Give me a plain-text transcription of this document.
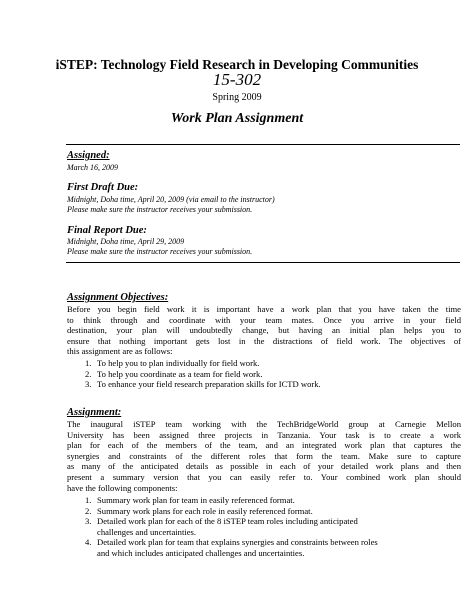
iSTEP: Technology Field Research in Developing Communities
15-302
Spring 2009
Work Plan Assignment
Assigned:
March 16, 2009
First Draft Due:
Midnight, Doha time, April 20, 2009 (via email to the instructor)
Please make sure the instructor receives your submission.
Final Report Due:
Midnight, Doha time, April 29, 2009
Please make sure the instructor receives your submission.
Assignment Objectives:
Before you begin field work it is important have a work plan that you have taken the time
to think through and coordinate with your team mates. Once you arrive in your field
destination, your plan will undoubtedly change, but having an initial plan helps you to
ensure that nothing important gets lost in the distractions of field work. The objectives of
this assignment are as follows:
1. To help you to plan individually for field work.
2. To help you coordinate as a team for field work.
3. To enhance your field research preparation skills for ICTD work.
Assignment:
The inaugural iSTEP team working with the TechBridgeWorld group at Carnegie Mellon
University has been assigned three projects in Tanzania. Your task is to create a work
plan for each of the members of the team, and an integrated work plan that captures the
synergies and constraints of the different roles that form the team. Make sure to capture
as many of the anticipated details as possible in each of your detailed work plans and then
present a summary version that you can easily refer to. Your combined work plan should
have the following components:
1. Summary work plan for team in easily referenced format.
2. Summary work plans for each role in easily referenced format.
3. Detailed work plan for each of the 8 iSTEP team roles including anticipated
challenges and uncertainties.
4. Detailed work plan for team that explains synergies and constraints between roles
and which includes anticipated challenges and uncertainties.
